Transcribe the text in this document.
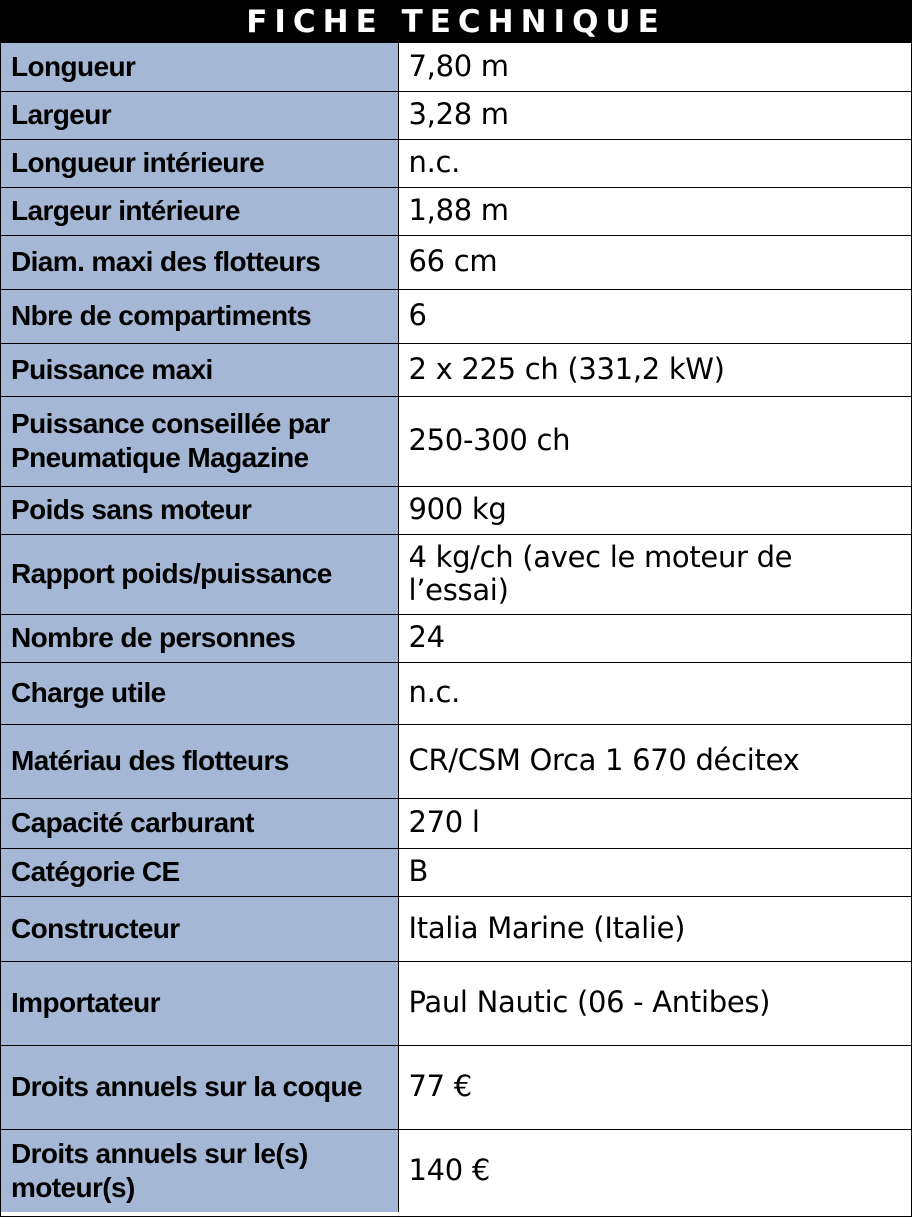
FICHE TECHNIQUE
Longueur	7,80 m
Largeur	3,28 m
Longueur intérieure	n.c.
Largeur intérieure	1,88 m
Diam. maxi des flotteurs	66 cm
Nbre de compartiments	6
Puissance maxi	2 x 225 ch (331,2 kW)
Puissance conseillée par Pneumatique Magazine	250-300 ch
Poids sans moteur	900 kg
Rapport poids/puissance	4 kg/ch (avec le moteur de l’essai)
Nombre de personnes	24
Charge utile	n.c.
Matériau des flotteurs	CR/CSM Orca 1 670 décitex
Capacité carburant	270 l
Catégorie CE	B
Constructeur	Italia Marine (Italie)
Importateur	Paul Nautic (06 - Antibes)
Droits annuels sur la coque	77 €
Droits annuels sur le(s) moteur(s)	140 €
